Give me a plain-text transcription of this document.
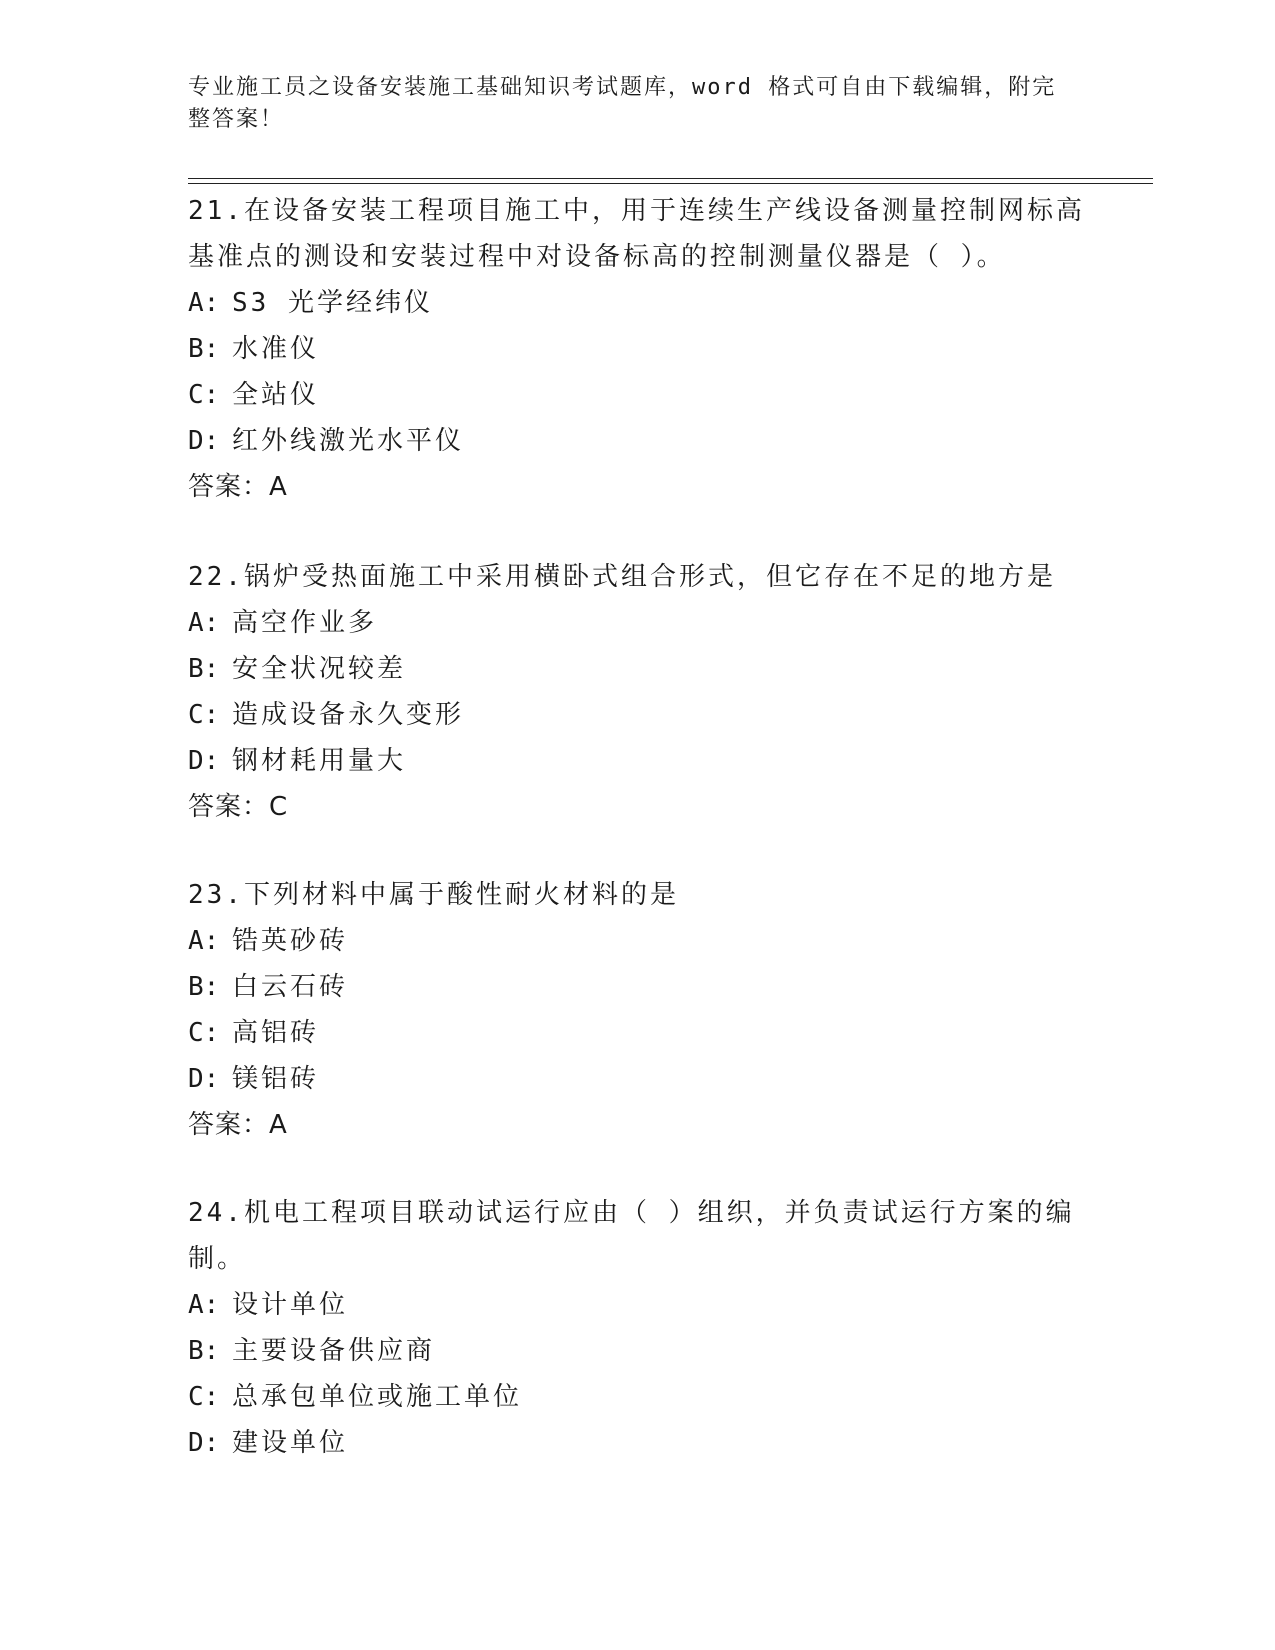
专业施工员之设备安装施工基础知识考试题库，word 格式可自由下载编辑，附完
整答案！

21.在设备安装工程项目施工中，用于连续生产线设备测量控制网标高基准点的测设和安装过程中对设备标高的控制测量仪器是（ ）。

A: S3 光学经纬仪
B: 水准仪
C: 全站仪
D: 红外线激光水平仪
答案：A

22.锅炉受热面施工中采用横卧式组合形式，但它存在不足的地方是

A: 高空作业多
B: 安全状况较差
C: 造成设备永久变形
D: 钢材耗用量大
答案：C

23.下列材料中属于酸性耐火材料的是

A: 锆英砂砖
B: 白云石砖
C: 高铝砖
D: 镁铝砖
答案：A

24.机电工程项目联动试运行应由（ ）组织，并负责试运行方案的编制。

A: 设计单位
B: 主要设备供应商
C: 总承包单位或施工单位
D: 建设单位
